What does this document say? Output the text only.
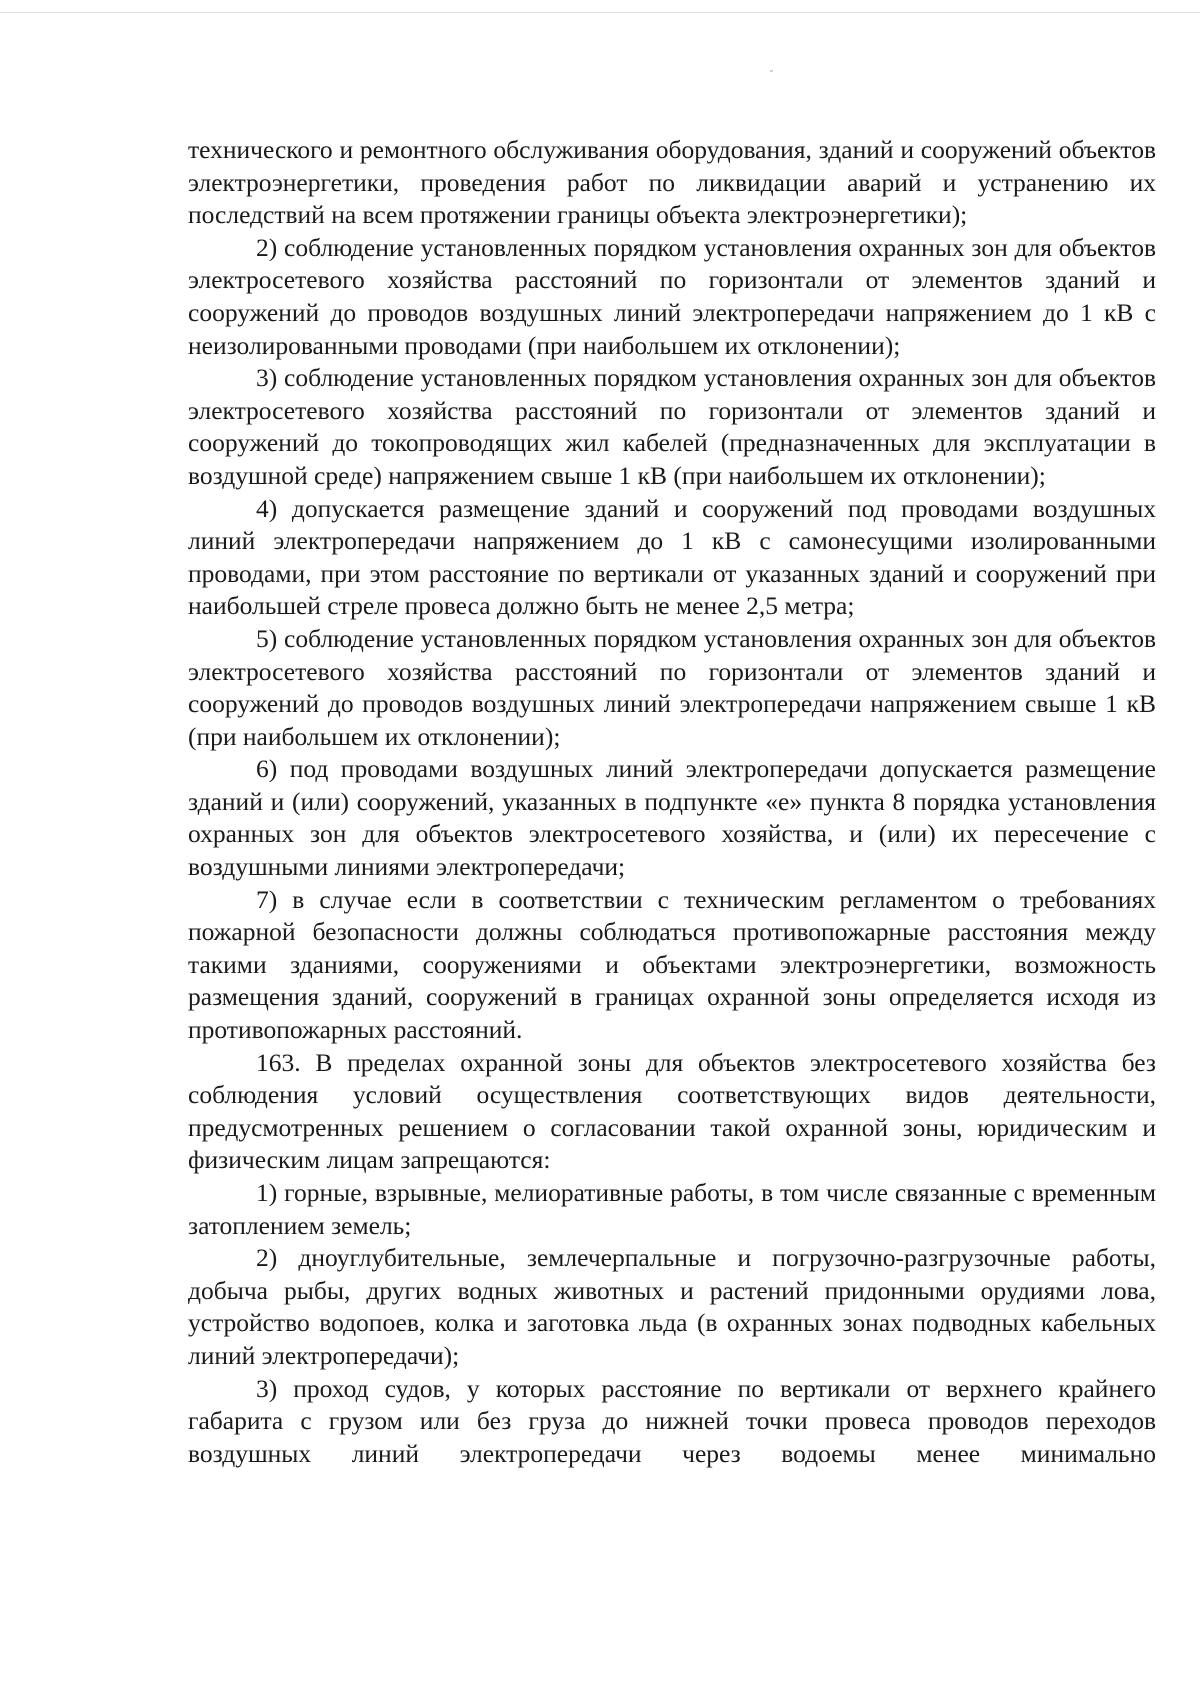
технического и ремонтного обслуживания оборудования, зданий и сооружений объектов электроэнергетики, проведения работ по ликвидации аварий и устранению их последствий на всем протяжении границы объекта электроэнергетики);

2) соблюдение установленных порядком установления охранных зон для объектов электросетевого хозяйства расстояний по горизонтали от элементов зданий и сооружений до проводов воздушных линий электропередачи напряжением до 1 кВ с неизолированными проводами (при наибольшем их отклонении);

3) соблюдение установленных порядком установления охранных зон для объектов электросетевого хозяйства расстояний по горизонтали от элементов зданий и сооружений до токопроводящих жил кабелей (предназначенных для эксплуатации в воздушной среде) напряжением свыше 1 кВ (при наибольшем их отклонении);

4) допускается размещение зданий и сооружений под проводами воздушных линий электропередачи напряжением до 1 кВ с самонесущими изолированными проводами, при этом расстояние по вертикали от указанных зданий и сооружений при наибольшей стреле провеса должно быть не менее 2,5 метра;

5) соблюдение установленных порядком установления охранных зон для объектов электросетевого хозяйства расстояний по горизонтали от элементов зданий и сооружений до проводов воздушных линий электропередачи напряжением свыше 1 кВ (при наибольшем их отклонении);

6) под проводами воздушных линий электропередачи допускается размещение зданий и (или) сооружений, указанных в подпункте «е» пункта 8 порядка установления охранных зон для объектов электросетевого хозяйства, и (или) их пересечение с воздушными линиями электропередачи;

7) в случае если в соответствии с техническим регламентом о требованиях пожарной безопасности должны соблюдаться противопожарные расстояния между такими зданиями, сооружениями и объектами электроэнергетики, возможность размещения зданий, сооружений в границах охранной зоны определяется исходя из противопожарных расстояний.

163. В пределах охранной зоны для объектов электросетевого хозяйства без соблюдения условий осуществления соответствующих видов деятельности, предусмотренных решением о согласовании такой охранной зоны, юридическим и физическим лицам запрещаются:

1) горные, взрывные, мелиоративные работы, в том числе связанные с временным затоплением земель;

2) дноуглубительные, землечерпальные и погрузочно-разгрузочные работы, добыча рыбы, других водных животных и растений придонными орудиями лова, устройство водопоев, колка и заготовка льда (в охранных зонах подводных кабельных линий электропередачи);

3) проход судов, у которых расстояние по вертикали от верхнего крайнего габарита с грузом или без груза до нижней точки провеса проводов переходов воздушных линий электропередачи через водоемы менее минимально
